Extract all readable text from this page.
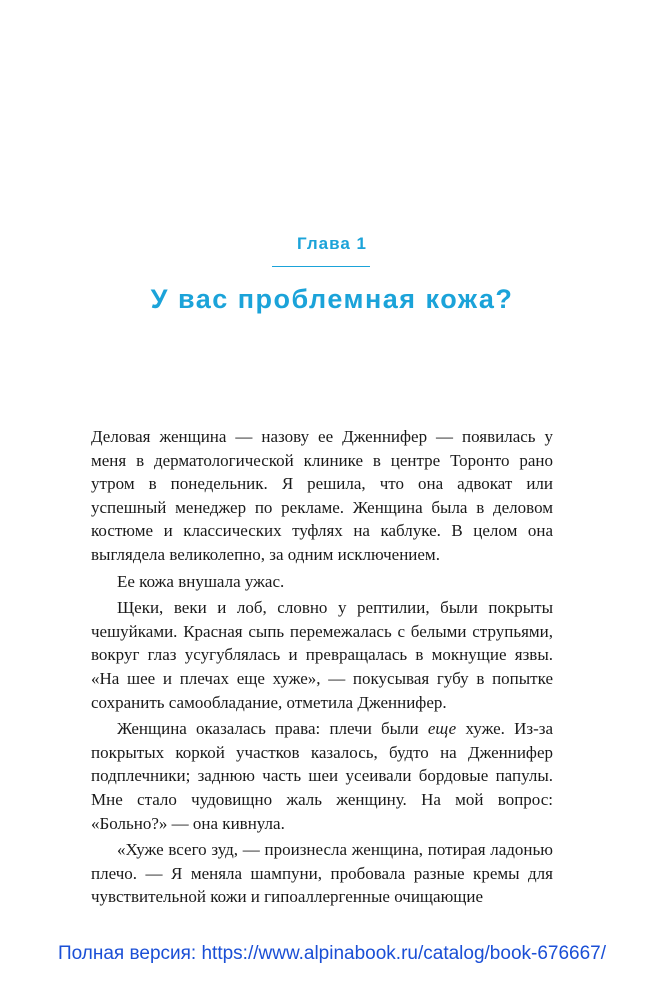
Глава 1
У вас проблемная кожа?

Деловая женщина — назову ее Дженнифер — появилась у меня в дерматологической клинике в центре Торонто рано утром в понедельник. Я решила, что она адвокат или успешный менеджер по рекламе. Женщина была в деловом костюме и классических туфлях на каблуке. В целом она выглядела великолепно, за одним исключением.

Ее кожа внушала ужас.

Щеки, веки и лоб, словно у рептилии, были покрыты чешуйками. Красная сыпь перемежалась с белыми струпьями, вокруг глаз усугублялась и превращалась в мокнущие язвы. «На шее и плечах еще хуже», — покусывая губу в попытке сохранить самообладание, отметила Дженнифер.

Женщина оказалась права: плечи были еще хуже. Из-за покрытых коркой участков казалось, будто на Дженнифер подплечники; заднюю часть шеи усеивали бордовые папулы. Мне стало чудовищно жаль женщину. На мой вопрос: «Больно?» — она кивнула.

«Хуже всего зуд, — произнесла женщина, потирая ладонью плечо. — Я меняла шампуни, пробовала разные кремы для чувствительной кожи и гипоаллергенные очищающие

Полная версия: https://www.alpinabook.ru/catalog/book-676667/
